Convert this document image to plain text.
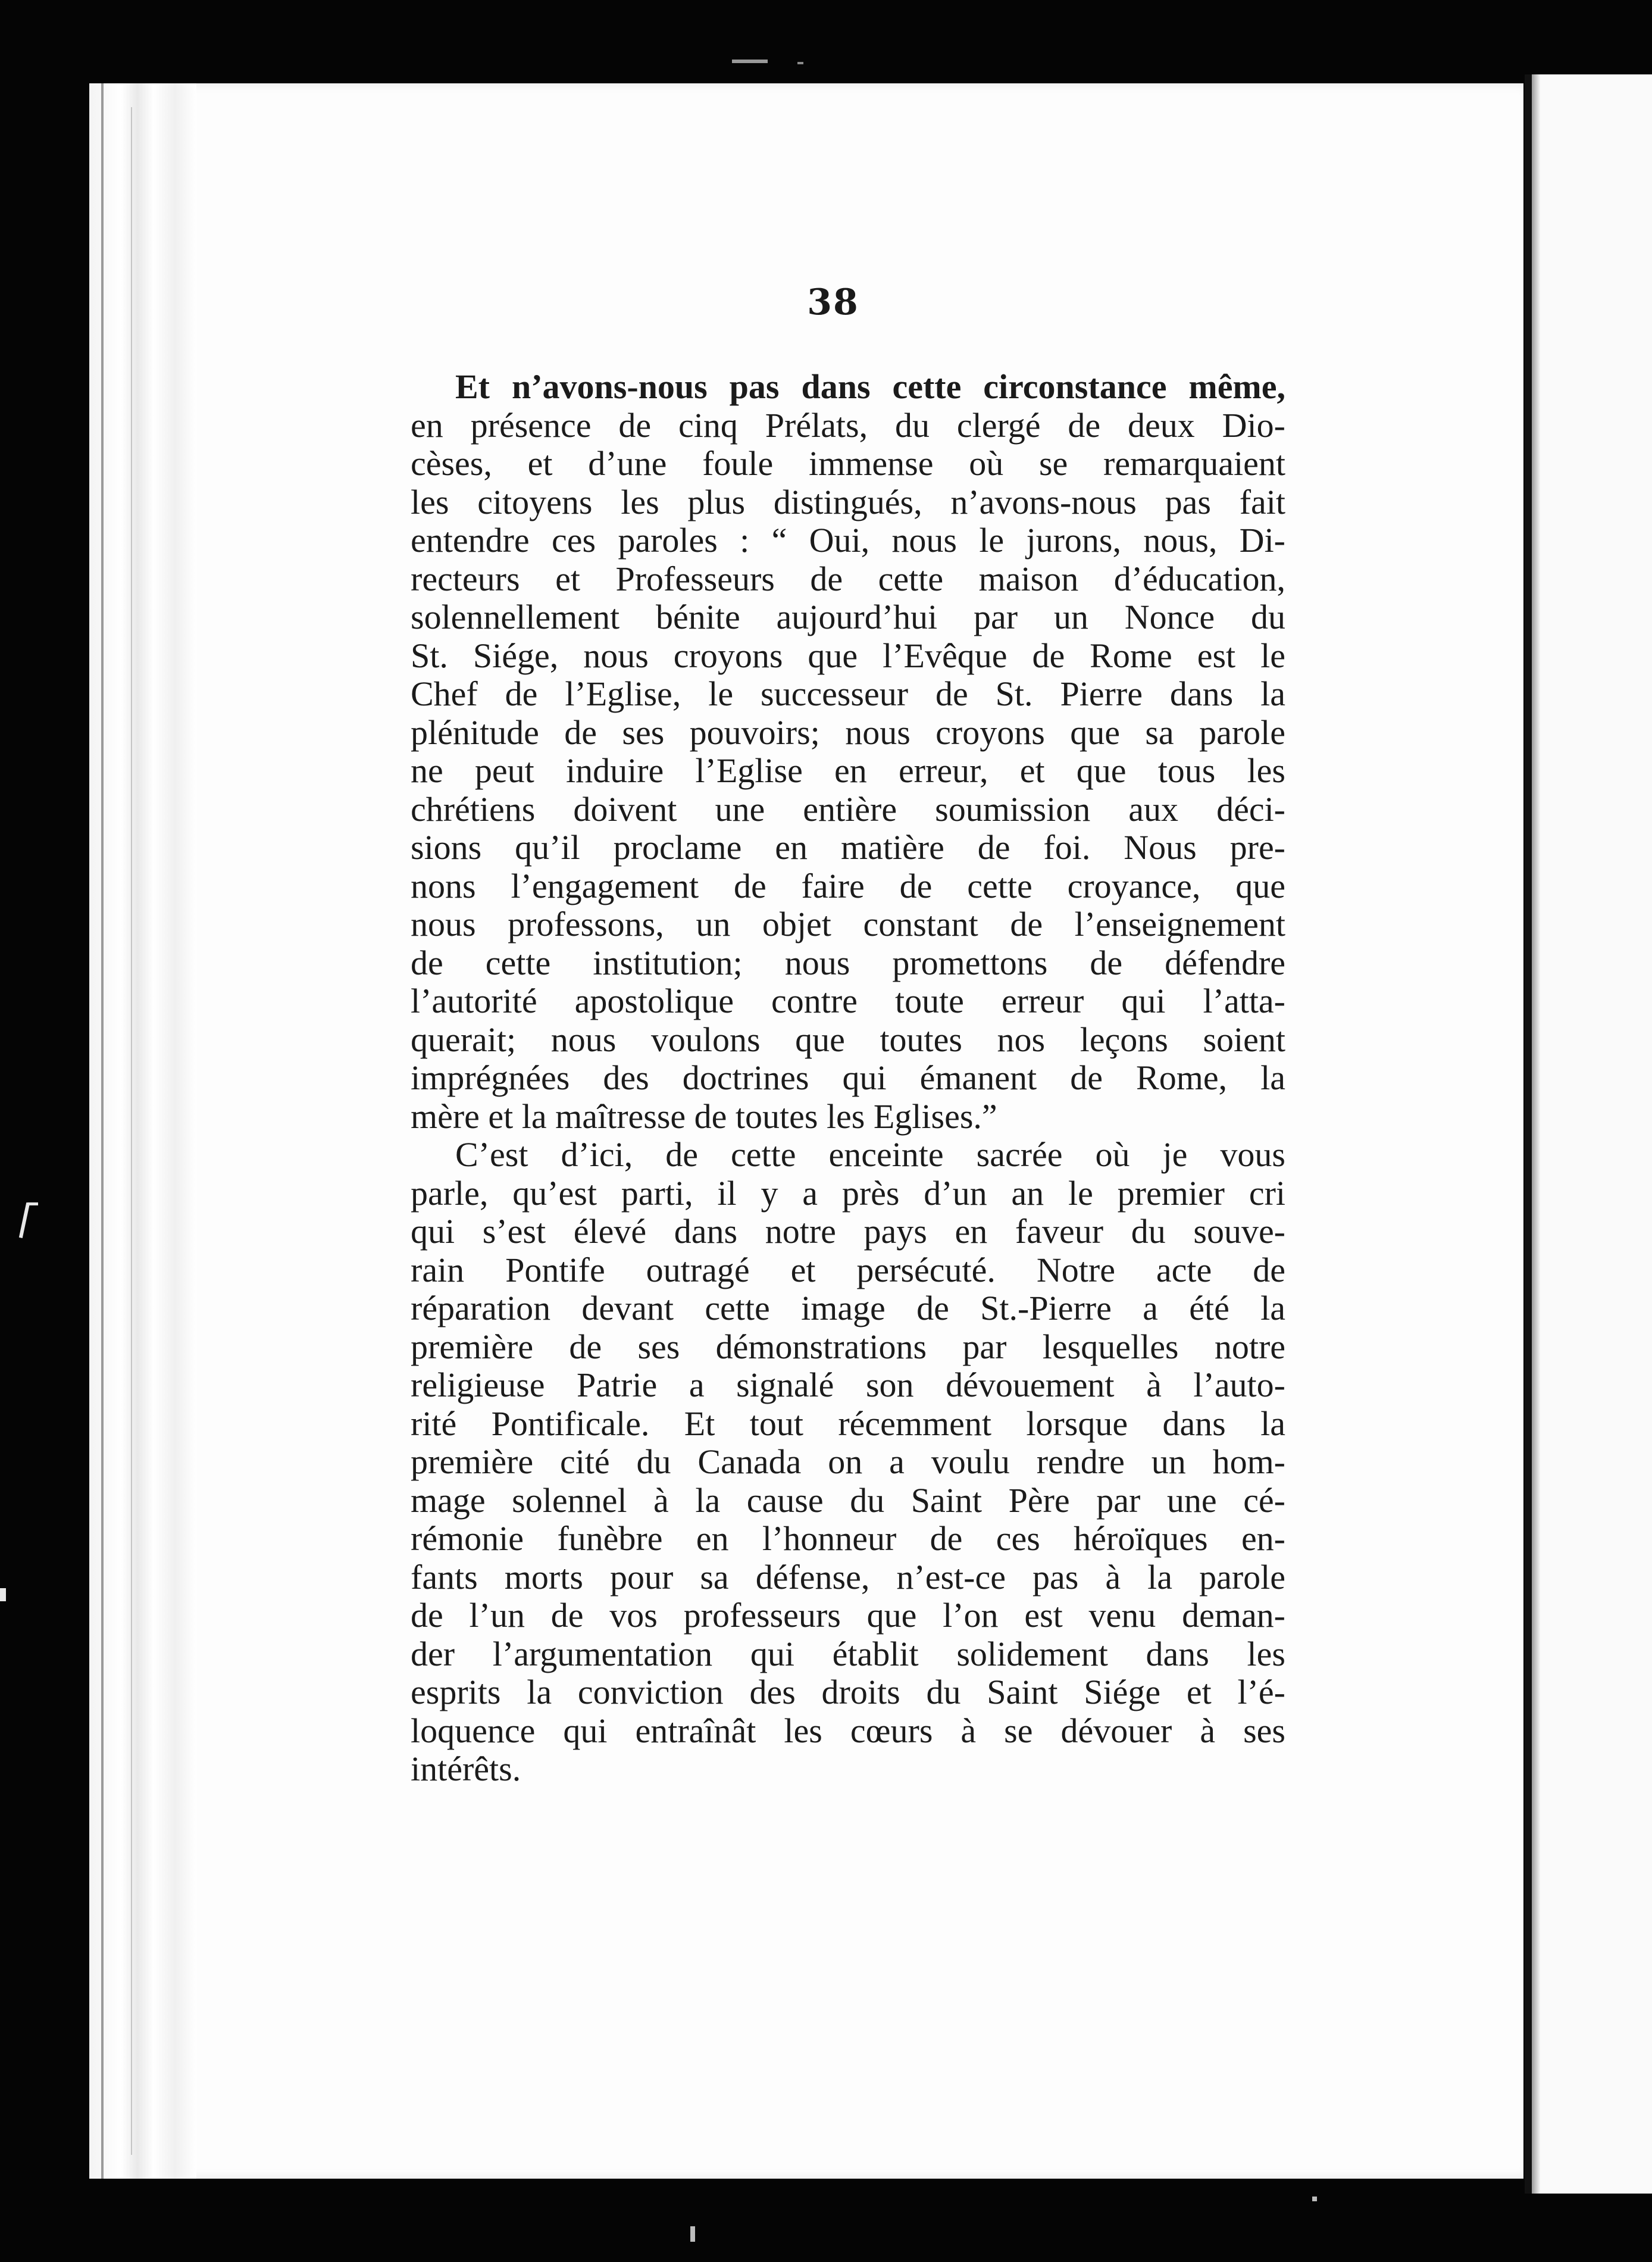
38
Et n’avons-nous pas dans cette circonstance même,
en présence de cinq Prélats, du clergé de deux Dio-
cèses, et d’une foule immense où se remarquaient
les citoyens les plus distingués, n’avons-nous pas fait
entendre ces paroles : “ Oui, nous le jurons, nous, Di-
recteurs et Professeurs de cette maison d’éducation,
solennellement bénite aujourd’hui par un Nonce du
St. Siége, nous croyons que l’Evêque de Rome est le
Chef de l’Eglise, le successeur de St. Pierre dans la
plénitude de ses pouvoirs; nous croyons que sa parole
ne peut induire l’Eglise en erreur, et que tous les
chrétiens doivent une entière soumission aux déci-
sions qu’il proclame en matière de foi. Nous pre-
nons l’engagement de faire de cette croyance, que
nous professons, un objet constant de l’enseignement
de cette institution; nous promettons de défendre
l’autorité apostolique contre toute erreur qui l’atta-
querait; nous voulons que toutes nos leçons soient
imprégnées des doctrines qui émanent de Rome, la
mère et la maîtresse de toutes les Eglises.”
C’est d’ici, de cette enceinte sacrée où je vous
parle, qu’est parti, il y a près d’un an le premier cri
qui s’est élevé dans notre pays en faveur du souve-
rain Pontife outragé et persécuté. Notre acte de
réparation devant cette image de St.-Pierre a été la
première de ses démonstrations par lesquelles notre
religieuse Patrie a signalé son dévouement à l’auto-
rité Pontificale. Et tout récemment lorsque dans la
première cité du Canada on a voulu rendre un hom-
mage solennel à la cause du Saint Père par une cé-
rémonie funèbre en l’honneur de ces héroïques en-
fants morts pour sa défense, n’est-ce pas à la parole
de l’un de vos professeurs que l’on est venu deman-
der l’argumentation qui établit solidement dans les
esprits la conviction des droits du Saint Siége et l’é-
loquence qui entraînât les cœurs à se dévouer à ses
intérêts.
